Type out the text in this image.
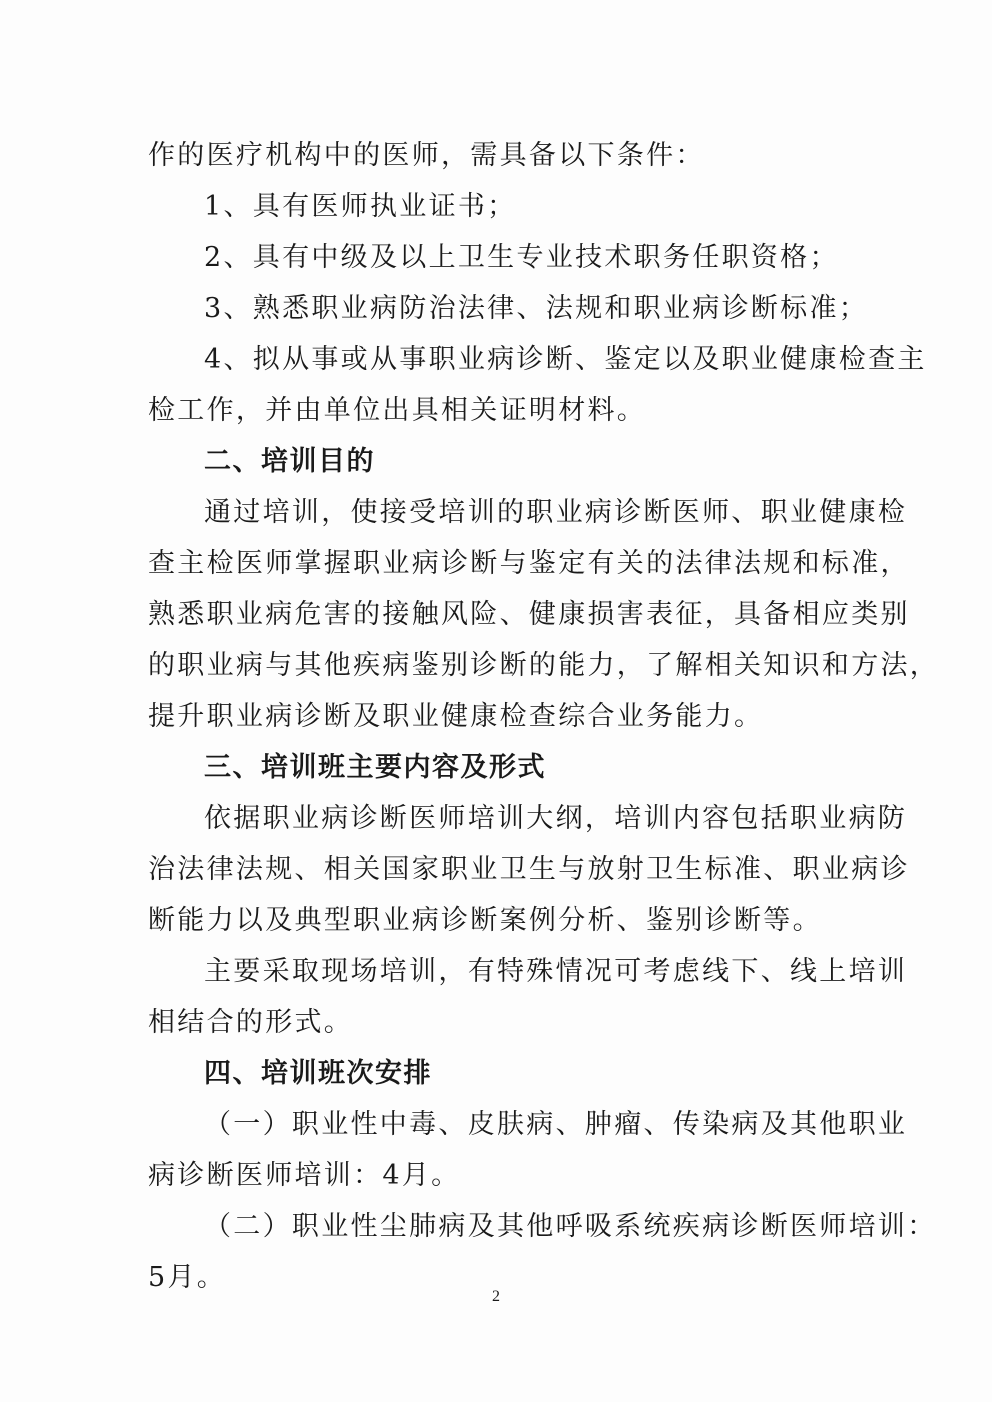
作的医疗机构中的医师，需具备以下条件：
1、具有医师执业证书；
2、具有中级及以上卫生专业技术职务任职资格；
3、熟悉职业病防治法律、法规和职业病诊断标准；
4、拟从事或从事职业病诊断、鉴定以及职业健康检查主
检工作，并由单位出具相关证明材料。
二、培训目的
通过培训，使接受培训的职业病诊断医师、职业健康检
查主检医师掌握职业病诊断与鉴定有关的法律法规和标准，
熟悉职业病危害的接触风险、健康损害表征，具备相应类别
的职业病与其他疾病鉴别诊断的能力，了解相关知识和方法，
提升职业病诊断及职业健康检查综合业务能力。
三、培训班主要内容及形式
依据职业病诊断医师培训大纲，培训内容包括职业病防
治法律法规、相关国家职业卫生与放射卫生标准、职业病诊
断能力以及典型职业病诊断案例分析、鉴别诊断等。
主要采取现场培训，有特殊情况可考虑线下、线上培训
相结合的形式。
四、培训班次安排
（一）职业性中毒、皮肤病、肿瘤、传染病及其他职业
病诊断医师培训：4月。
（二）职业性尘肺病及其他呼吸系统疾病诊断医师培训：
5月。
2
